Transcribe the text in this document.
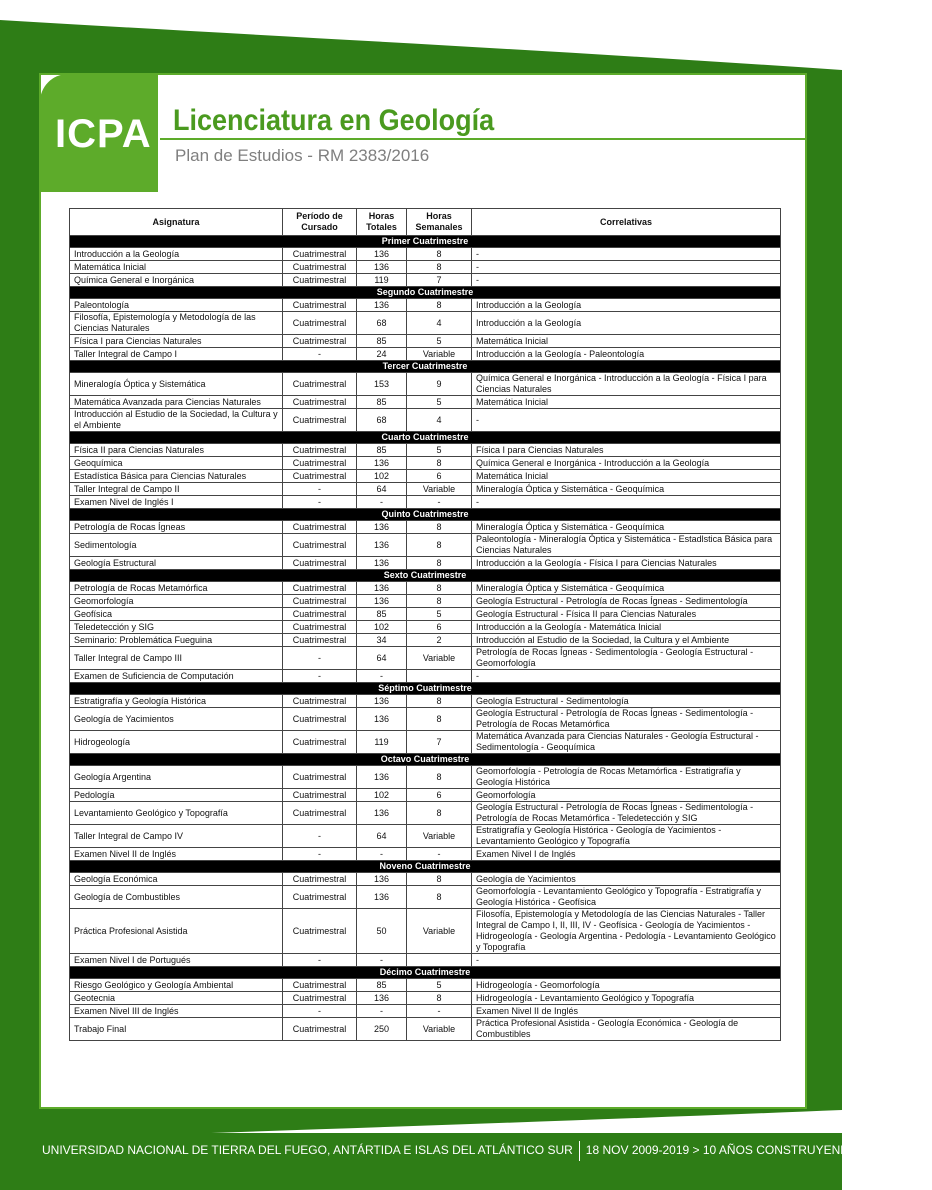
ICPA Licenciatura en Geología
Plan de Estudios - RM 2383/2016
Asignatura	Período de Cursado	Horas Totales	Horas Semanales	Correlativas
Primer Cuatrimestre				
Introducción a la Geología	Cuatrimestral	136	8	-
Matemática Inicial	Cuatrimestral	136	8	-
Química General e Inorgánica	Cuatrimestral	119	7	-
Segundo Cuatrimestre				
Paleontología	Cuatrimestral	136	8	Introducción a la Geología
Filosofía, Epistemología y Metodología de las Ciencias Naturales	Cuatrimestral	68	4	Introducción a la Geología
Física I para Ciencias Naturales	Cuatrimestral	85	5	Matemática Inicial
Taller Integral de Campo I	-	24	Variable	Introducción a la Geología - Paleontología
Tercer Cuatrimestre				
Mineralogía Óptica y Sistemática	Cuatrimestral	153	9	Química General e Inorgánica - Introducción a la Geología - Física I para Ciencias Naturales
Matemática Avanzada para Ciencias Naturales	Cuatrimestral	85	5	Matemática Inicial
Introducción al Estudio de la Sociedad, la Cultura y el Ambiente	Cuatrimestral	68	4	-
Cuarto Cuatrimestre				
Física II para Ciencias Naturales	Cuatrimestral	85	5	Física I para Ciencias Naturales
Geoquímica	Cuatrimestral	136	8	Química General e Inorgánica - Introducción a la Geología
Estadística Básica para Ciencias Naturales	Cuatrimestral	102	6	Matemática Inicial
Taller Integral de Campo II	-	64	Variable	Mineralogía Óptica y Sistemática - Geoquímica
Examen Nivel de Inglés I	-	-	-	-
Quinto Cuatrimestre				
Petrología de Rocas Ígneas	Cuatrimestral	136	8	Mineralogía Óptica y Sistemática - Geoquímica
Sedimentología	Cuatrimestral	136	8	Paleontología - Mineralogía Óptica y Sistemática - Estadlstica Básica para Ciencias Naturales
Geología Estructural	Cuatrimestral	136	8	Introducción a la Geología - Física I para Ciencias Naturales
Sexto Cuatrimestre				
Petrología de Rocas Metamórfica	Cuatrimestral	136	8	Mineralogía Óptica y Sistemática - Geoquímica
Geomorfología	Cuatrimestral	136	8	Geología Estructural - Petrología de Rocas Ígneas - Sedimentología
Geofísica	Cuatrimestral	85	5	Geología Estructural - Física II para Ciencias Naturales
Teledetección y SIG	Cuatrimestral	102	6	Introducción a la Geología - Matemática Inicial
Seminario: Problemática Fueguina	Cuatrimestral	34	2	Introducción al Estudio de la Sociedad, la Cultura y el Ambiente
Taller Integral de Campo III	-	64	Variable	Petrología de Rocas Ígneas - Sedimentología - Geología Estructural - Geomorfología
Examen de Suficiencia de Computación	-	-		-
Séptimo Cuatrimestre				
Estratigrafía y Geología Histórica	Cuatrimestral	136	8	Geología Estructural - Sedimentología
Geología de Yacimientos	Cuatrimestral	136	8	Geología Estructural - Petrología de Rocas Ígneas - Sedimentología - Petrología de Rocas Metamórfica
Hidrogeología	Cuatrimestral	119	7	Matemática Avanzada para Ciencias Naturales - Geología Estructural - Sedimentología - Geoquímica
Octavo Cuatrimestre				
Geología Argentina	Cuatrimestral	136	8	Geomorfología - Petrología de Rocas Metamórfica - Estratigrafía y Geología Histórica
Pedología	Cuatrimestral	102	6	Geomorfología
Levantamiento Geológico y Topografía	Cuatrimestral	136	8	Geología Estructural - Petrología de Rocas Ígneas - Sedimentología - Petrología de Rocas Metamórfica - Teledetección y SIG
Taller Integral de Campo IV	-	64	Variable	Estratigrafía y Geología Histórica - Geología de Yacimientos - Levantamiento Geológico y Topografía
Examen Nivel II de Inglés	-	-	-	Examen Nivel I de Inglés
Noveno Cuatrimestre				
Geología Económica	Cuatrimestral	136	8	Geología de Yacimientos
Geología de Combustibles	Cuatrimestral	136	8	Geomorfología - Levantamiento Geológico y Topografía - Estratigrafía y Geología Histórica - Geofísica
Práctica Profesional Asistida	Cuatrimestral	50	Variable	Filosofía, Epistemología y Metodología de las Ciencias Naturales - Taller Integral de Campo I, II, III, IV - Geofísica - Geología de Yacimientos - Hidrogeología - Geología Argentina - Pedología - Levantamiento Geológico y Topografía
Examen Nivel I de Portugués	-	-		-
Décimo Cuatrimestre				
Riesgo Geológico y Geología Ambiental	Cuatrimestral	85	5	Hidrogeología - Geomorfología
Geotecnia	Cuatrimestral	136	8	Hidrogeología - Levantamiento Geológico y Topografía
Examen Nivel III de Inglés	-	-	-	Examen Nivel II de Inglés
Trabajo Final	Cuatrimestral	250	Variable	Práctica Profesional Asistida - Geología Económica - Geología de Combustibles
UNIVERSIDAD NACIONAL DE TIERRA DEL FUEGO, ANTÁRTIDA E ISLAS DEL ATLÁNTICO SUR 18 NOV 2009-2019 > 10 AÑOS CONSTRUYENDO SOBERANÍA
